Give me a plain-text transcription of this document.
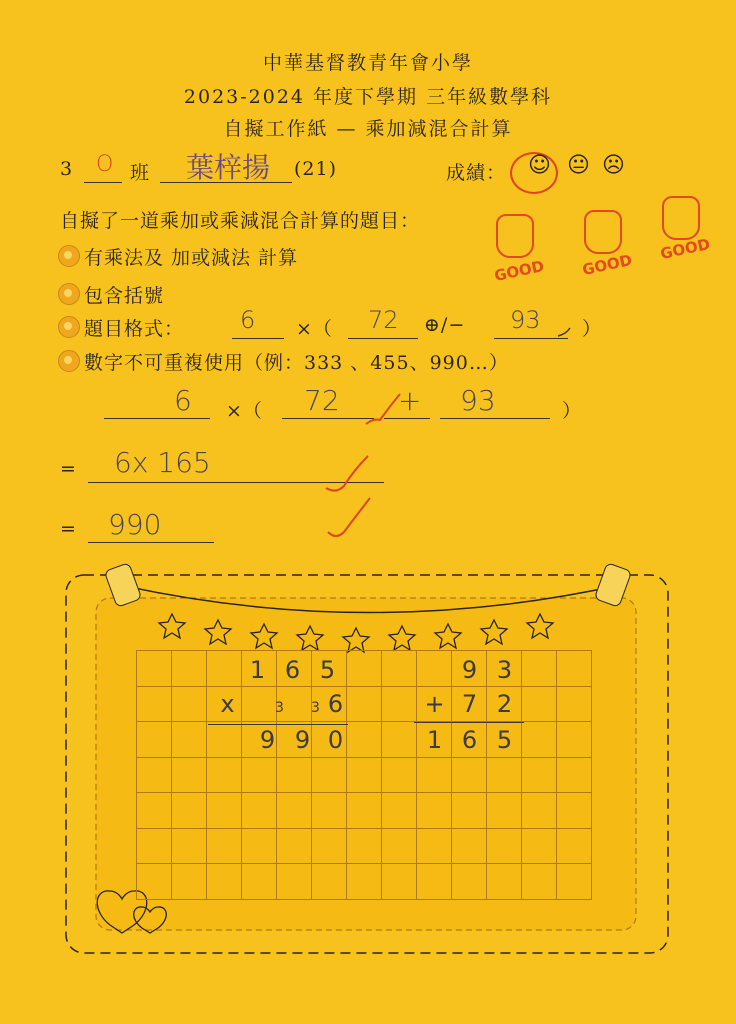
中華基督教青年會小學
2023-2024 年度下學期 三年級數學科
自擬工作紙 — 乘加減混合計算
3 O 班 葉梓揚 (21)	成績： ☺ 😐 ☹
自擬了一道乘加或乘減混合計算的題目：
有乘法及 加或減法 計算
包含括號
題目格式： 6 ×（ 72 ⊕/− 93 ）
數字不可重複使用（例：333 、455、990…）
GOOD GOOD
GOOD
6 ×（ 72 + 93	）
= 6x 165
= 990
1 6 5
x	3	3 6
9 9 0
9 3
+ 7 2
1 6 5
